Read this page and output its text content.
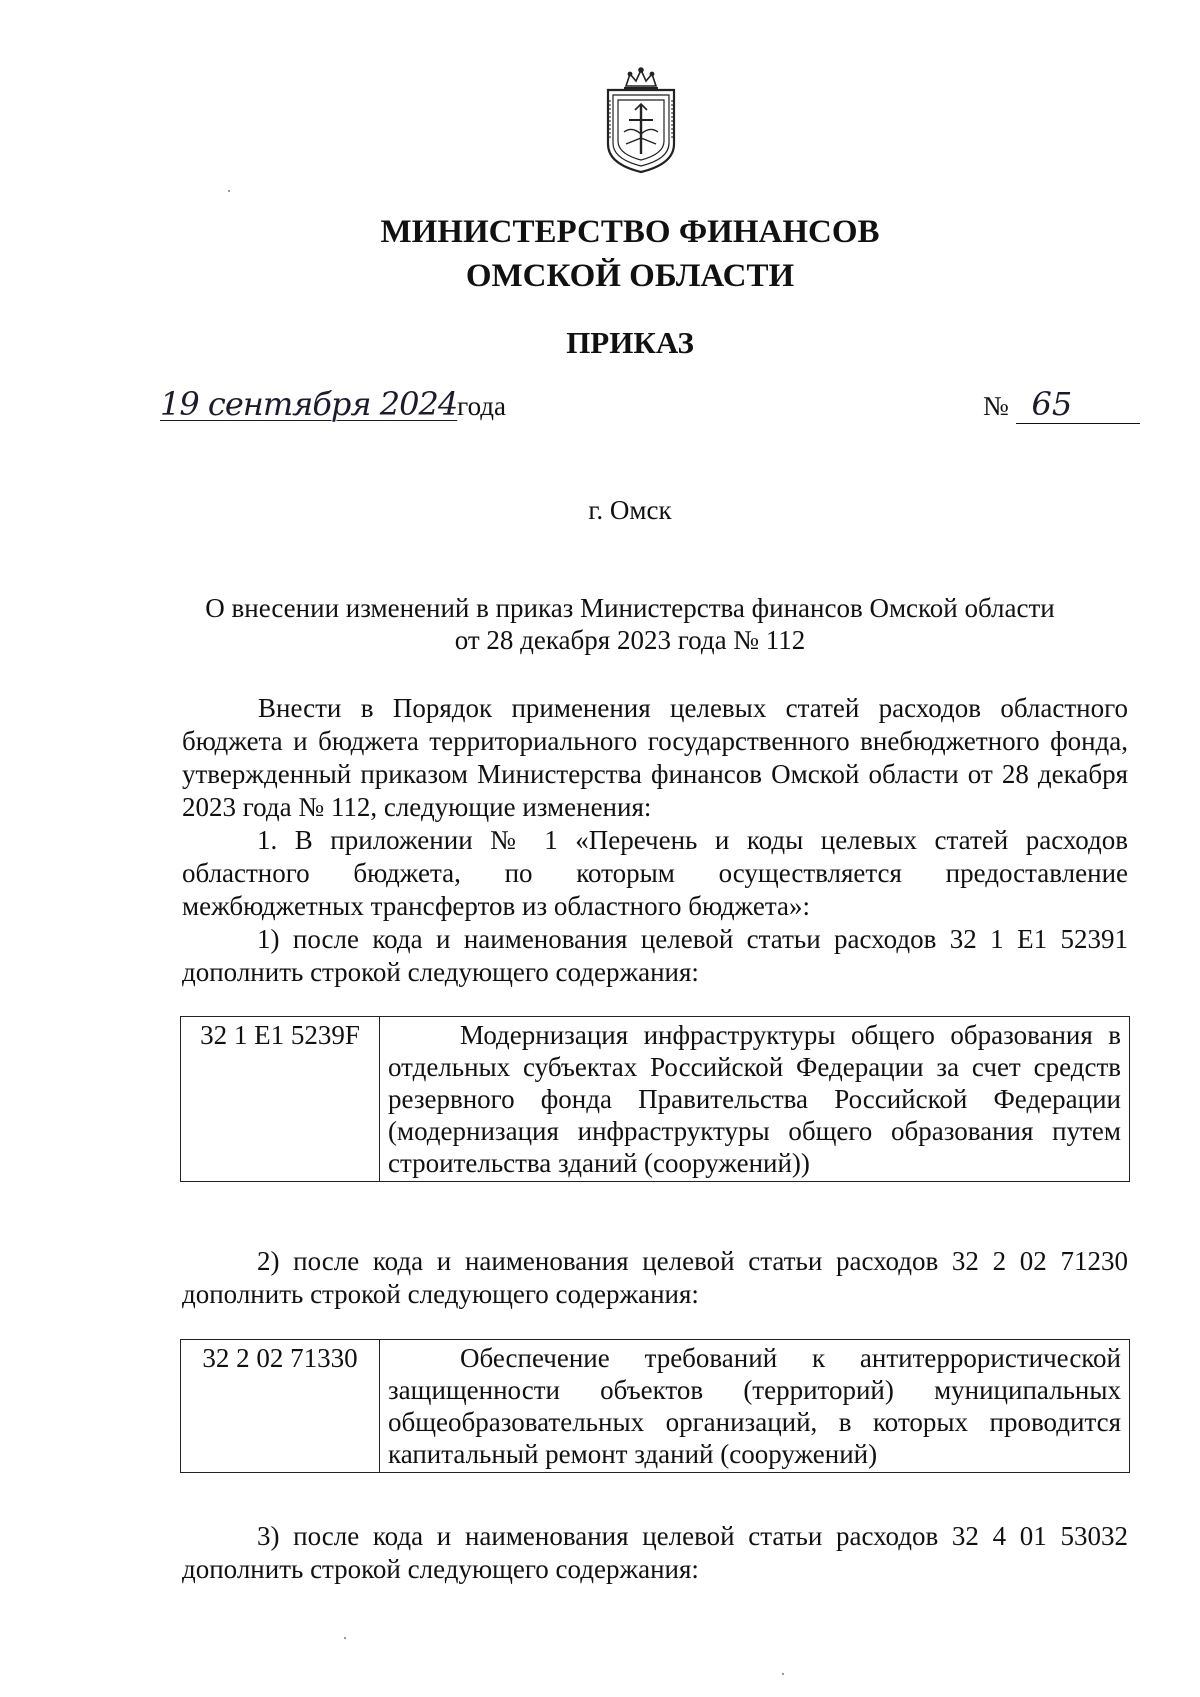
МИНИСТЕРСТВО ФИНАНСОВ
ОМСКОЙ ОБЛАСТИ
ПРИКАЗ
19 сентября 2024года	№ 65
г. Омск
О внесении изменений в приказ Министерства финансов Омской области
от 28 декабря 2023 года № 112

Внести в Порядок применения целевых статей расходов областного бюджета и бюджета территориального государственного внебюджетного фонда, утвержденный приказом Министерства финансов Омской области от 28 декабря 2023 года № 112, следующие изменения:

1. В приложении № 1 «Перечень и коды целевых статей расходов областного бюджета, по которым осуществляется предоставление межбюджетных трансфертов из областного бюджета»:

1) после кода и наименования целевой статьи расходов 32 1 E1 52391 дополнить строкой следующего содержания:

32 1 E1 5239F	Модернизация инфраструктуры общего образования в отдельных субъектах Российской Федерации за счет средств резервного фонда Правительства Российской Федерации (модернизация инфраструктуры общего образования путем строительства зданий (сооружений))

2) после кода и наименования целевой статьи расходов 32 2 02 71230 дополнить строкой следующего содержания:

32 2 02 71330	Обеспечение требований к антитеррористической защищенности объектов (территорий) муниципальных общеобразовательных организаций, в которых проводится капитальный ремонт зданий (сооружений)

3) после кода и наименования целевой статьи расходов 32 4 01 53032 дополнить строкой следующего содержания:
